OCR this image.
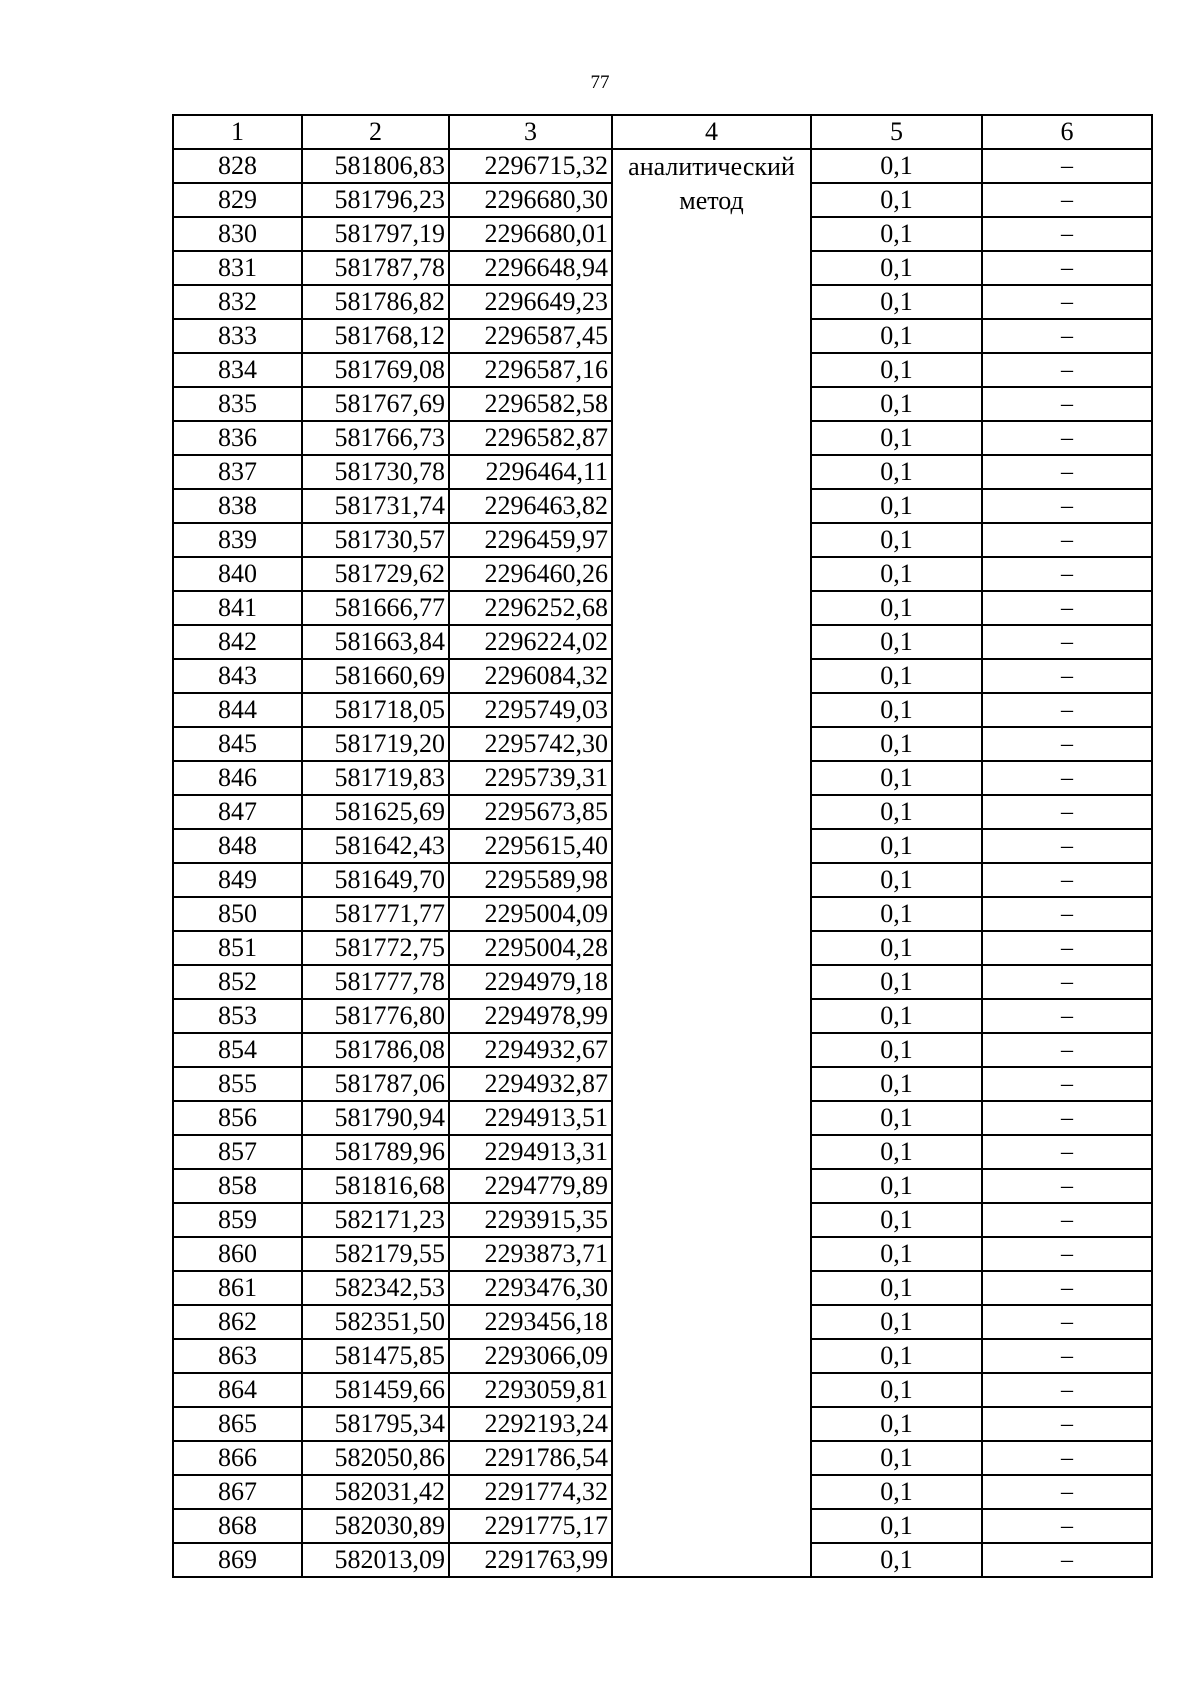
77
1	2	3	4	5	6
828	581806,83	2296715,32	аналитический метод	0,1	–
829	581796,23	2296680,30		0,1	–
830	581797,19	2296680,01		0,1	–
831	581787,78	2296648,94		0,1	–
832	581786,82	2296649,23		0,1	–
833	581768,12	2296587,45		0,1	–
834	581769,08	2296587,16		0,1	–
835	581767,69	2296582,58		0,1	–
836	581766,73	2296582,87		0,1	–
837	581730,78	2296464,11		0,1	–
838	581731,74	2296463,82		0,1	–
839	581730,57	2296459,97		0,1	–
840	581729,62	2296460,26		0,1	–
841	581666,77	2296252,68		0,1	–
842	581663,84	2296224,02		0,1	–
843	581660,69	2296084,32		0,1	–
844	581718,05	2295749,03		0,1	–
845	581719,20	2295742,30		0,1	–
846	581719,83	2295739,31		0,1	–
847	581625,69	2295673,85		0,1	–
848	581642,43	2295615,40		0,1	–
849	581649,70	2295589,98		0,1	–
850	581771,77	2295004,09		0,1	–
851	581772,75	2295004,28		0,1	–
852	581777,78	2294979,18		0,1	–
853	581776,80	2294978,99		0,1	–
854	581786,08	2294932,67		0,1	–
855	581787,06	2294932,87		0,1	–
856	581790,94	2294913,51		0,1	–
857	581789,96	2294913,31		0,1	–
858	581816,68	2294779,89		0,1	–
859	582171,23	2293915,35		0,1	–
860	582179,55	2293873,71		0,1	–
861	582342,53	2293476,30		0,1	–
862	582351,50	2293456,18		0,1	–
863	581475,85	2293066,09		0,1	–
864	581459,66	2293059,81		0,1	–
865	581795,34	2292193,24		0,1	–
866	582050,86	2291786,54		0,1	–
867	582031,42	2291774,32		0,1	–
868	582030,89	2291775,17		0,1	–
869	582013,09	2291763,99		0,1	–
